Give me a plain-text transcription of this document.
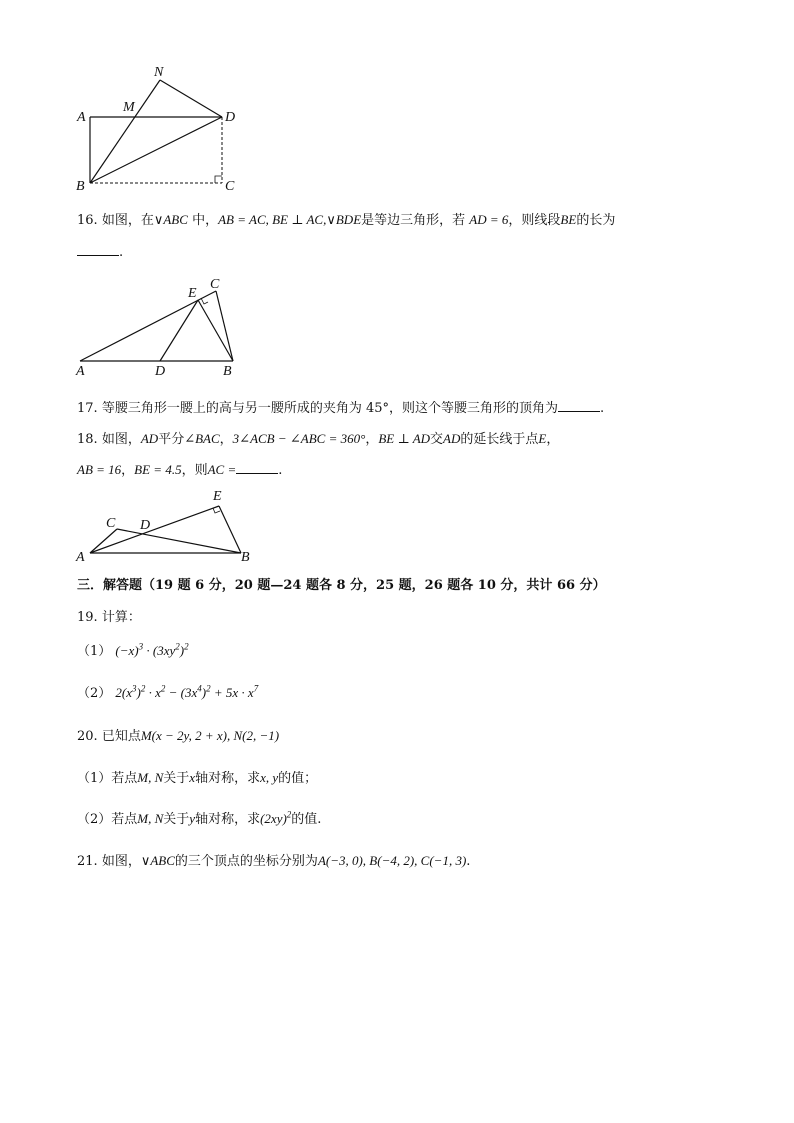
N
M
A	D
B	C
E
C
A	D	B
E
C D
A	B
16. 如图，在∨ABC 中，AB = AC, BE ⊥ AC,∨BDE是等边三角形，若 AD = 6，则线段BE的长为
.
17. 等腰三角形一腰上的高与另一腰所成的夹角为 45°，则这个等腰三角形的顶角为	.
18. 如图，AD平分∠BAC，3∠ACB − ∠ABC = 360°，BE ⊥ AD交AD的延长线于点E，
AB = 16，BE = 4.5，则AC =	.
三．解答题（19 题 6 分，20 题—24 题各 8 分，25 题，26 题各 10 分，共计 66 分）
19. 计算：
（1） $(-x)^3 \cdot (3xy^2)^2$
（2） $2(x^3)^2 \cdot x^2 - (3x^4)^2 + 5x \cdot x^7$
20. 已知点M(x − 2y, 2 + x), N(2, −1)
（1）若点M, N关于x轴对称，求x, y的值；
（2）若点M, N关于y轴对称，求$(2xy)^2$的值.
21. 如图，∨ABC的三个顶点的坐标分别为A(−3, 0), B(−4, 2), C(−1, 3).
